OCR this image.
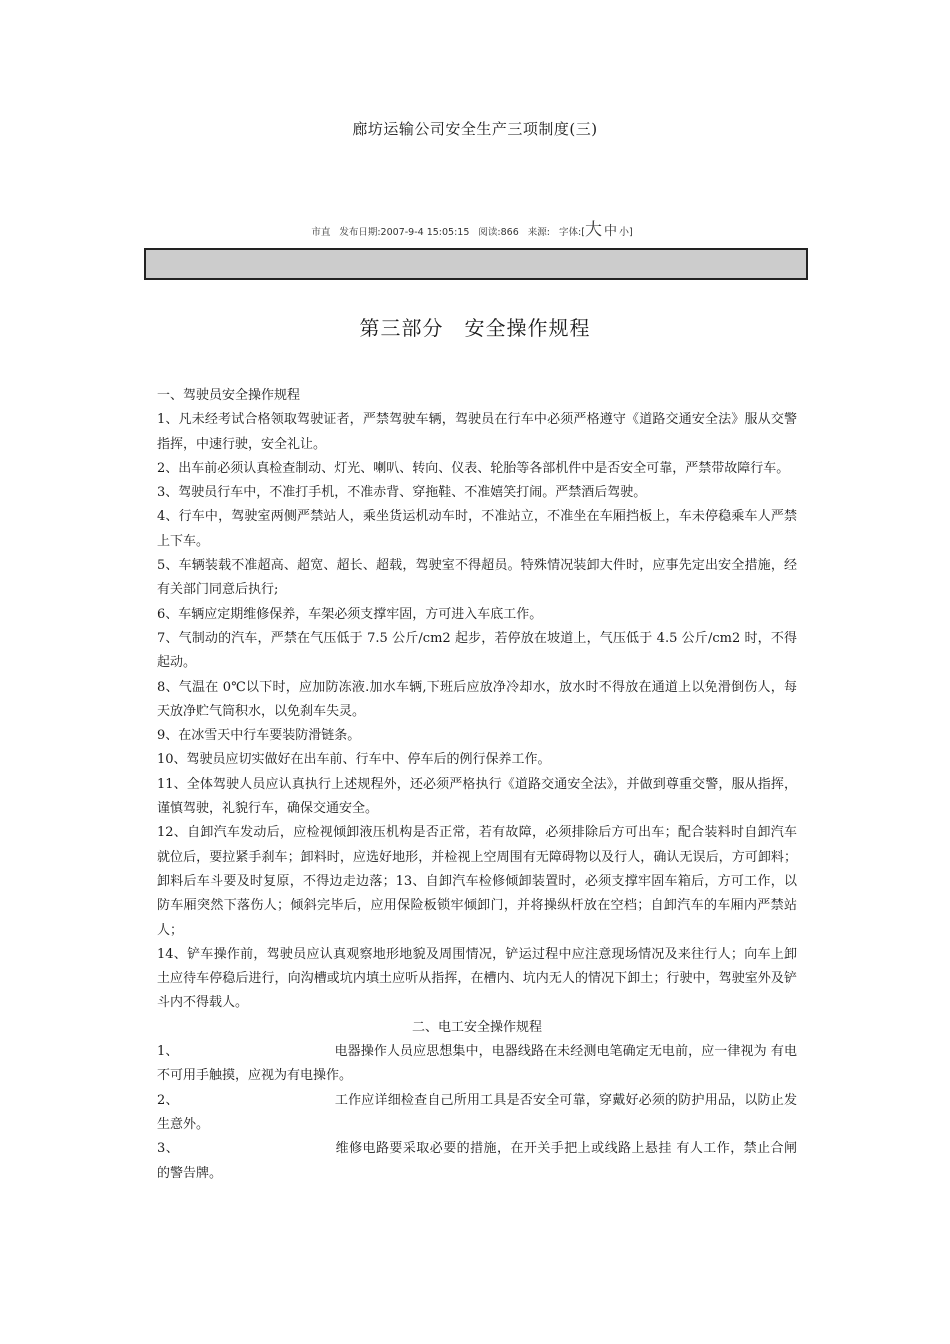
廊坊运输公司安全生产三项制度(三)
市直 发布日期:2007-9-4 15:05:15 阅读:866 来源: 字体:[大 中 小]
第三部分　安全操作规程

一、驾驶员安全操作规程

1、凡未经考试合格领取驾驶证者，严禁驾驶车辆，驾驶员在行车中必须严格遵守《道路交通安全法》服从交警指挥，中速行驶，安全礼让。

2、出车前必须认真检查制动、灯光、喇叭、转向、仪表、轮胎等各部机件中是否安全可靠，严禁带故障行车。

3、驾驶员行车中，不准打手机，不准赤背、穿拖鞋、不准嬉笑打闹。严禁酒后驾驶。

4、行车中，驾驶室两侧严禁站人，乘坐货运机动车时，不准站立，不准坐在车厢挡板上，车未停稳乘车人严禁上下车。

5、车辆装载不准超高、超宽、超长、超载，驾驶室不得超员。特殊情况装卸大件时，应事先定出安全措施，经有关部门同意后执行;

6、车辆应定期维修保养，车架必须支撑牢固，方可进入车底工作。

7、气制动的汽车，严禁在气压低于 7.5 公斤/cm2 起步，若停放在坡道上，气压低于 4.5 公斤/cm2 时，不得起动。

8、气温在 0℃以下时，应加防冻液.加水车辆,下班后应放净冷却水，放水时不得放在通道上以免滑倒伤人，每天放净贮气筒积水，以免刹车失灵。

9、在冰雪天中行车要装防滑链条。

10、驾驶员应切实做好在出车前、行车中、停车后的例行保养工作。

11、全体驾驶人员应认真执行上述规程外，还必须严格执行《道路交通安全法》，并做到尊重交警，服从指挥，谨慎驾驶，礼貌行车，确保交通安全。

12、自卸汽车发动后，应检视倾卸液压机构是否正常，若有故障，必须排除后方可出车；配合装料时自卸汽车就位后，要拉紧手刹车；卸料时，应选好地形，并检视上空周围有无障碍物以及行人，确认无误后，方可卸料；卸料后车斗要及时复原，不得边走边落；13、自卸汽车检修倾卸装置时，必须支撑牢固车箱后，方可工作，以防车厢突然下落伤人；倾斜完毕后，应用保险板锁牢倾卸门，并将操纵杆放在空档；自卸汽车的车厢内严禁站人；

14、铲车操作前，驾驶员应认真观察地形地貌及周围情况，铲运过程中应注意现场情况及来往行人；向车上卸土应待车停稳后进行，向沟槽或坑内填土应听从指挥，在槽内、坑内无人的情况下卸土；行驶中，驾驶室外及铲斗内不得载人。

二、电工安全操作规程

1、	电器操作人员应思想集中，电器线路在未经测电笔确定无电前，应一律视为 有电 不可用手触摸，应视为有电操作。

2、	工作应详细检查自己所用工具是否安全可靠，穿戴好必须的防护用品，以防止发生意外。

3、	维修电路要采取必要的措施，在开关手把上或线路上悬挂 有人工作，禁止合闸 的警告牌。
